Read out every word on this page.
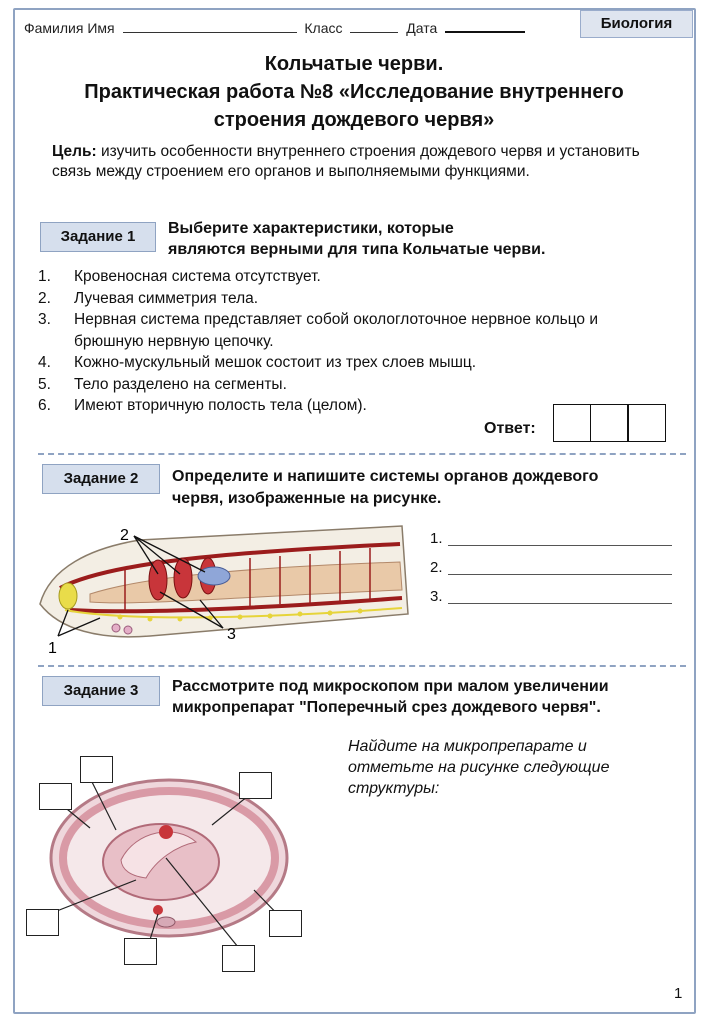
Фамилия Имя	Класс	Дата	Биология
Кольчатые черви.
Практическая работа №8 «Исследование внутреннего
строения дождевого червя»
Цель: изучить особенности внутреннего строения дождевого червя и установить связь между строением его органов и выполняемыми функциями.
Задание 1	Выберите характеристики, которые
являются верными для типа Кольчатые черви.
1. Кровеносная система отсутствует.
2. Лучевая симметрия тела.
3. Нервная система представляет собой окологлоточное нервное кольцо и брюшную нервную цепочку.
4. Кожно-мускульный мешок состоит из трех слоев мышц.
5. Тело разделено на сегменты.
6. Имеют вторичную полость тела (целом).
Ответ:
Задание 2	Определите и напишите системы органов дождевого
червя, изображенные на рисунке.
2
3
1
1.
2.
3.
Задание 3	Рассмотрите под микроскопом при малом увеличении
микропрепарат "Поперечный срез дождевого червя".
Найдите на микропрепарате и отметьте на рисунке следующие структуры:
1
